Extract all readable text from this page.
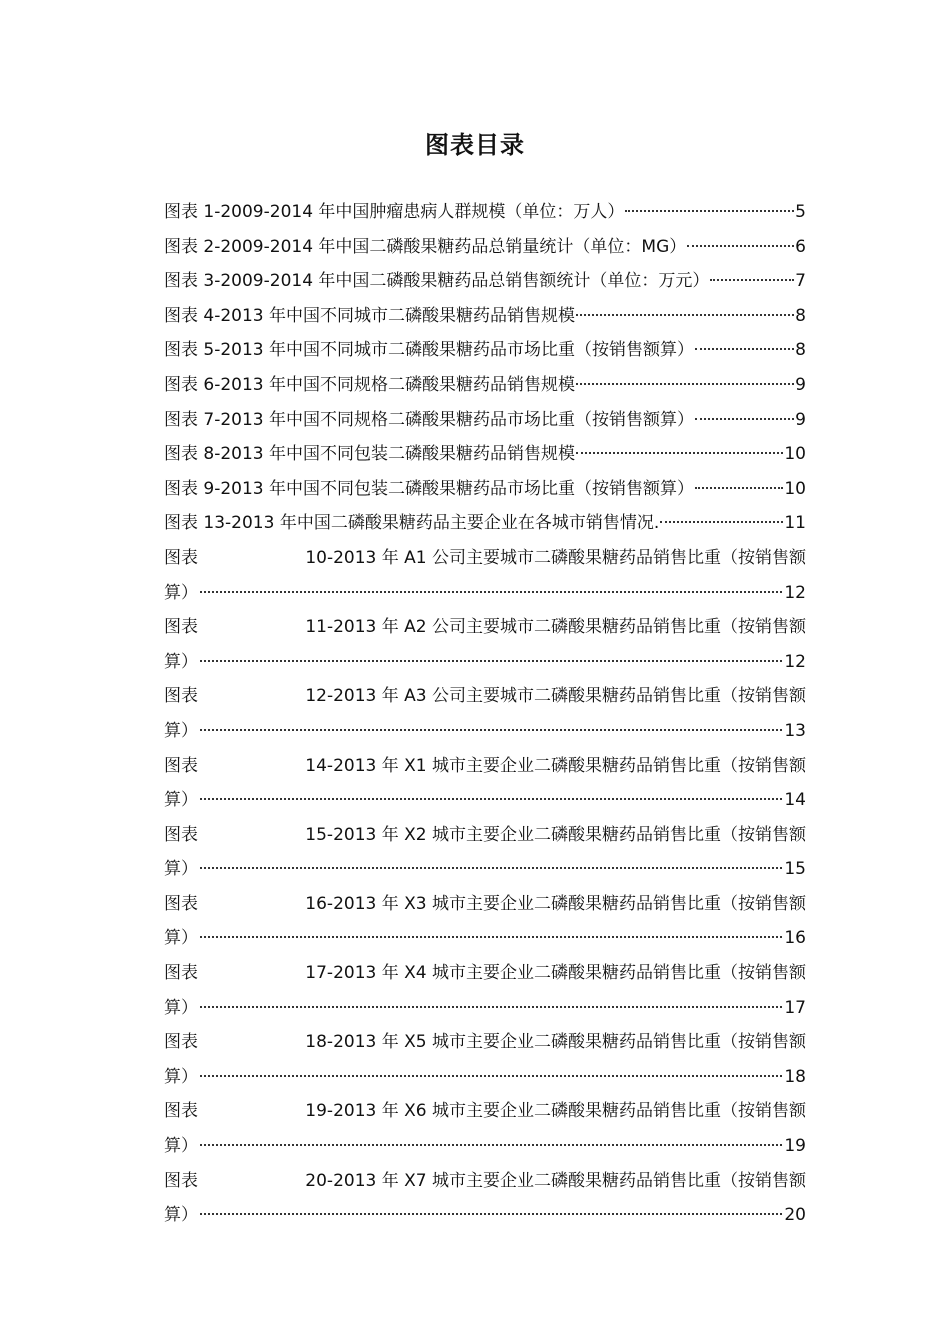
图表目录
图表 1-2009-2014 年中国肿瘤患病人群规模（单位：万人）	5
图表 2-2009-2014 年中国二磷酸果糖药品总销量统计（单位：MG）	6
图表 3-2009-2014 年中国二磷酸果糖药品总销售额统计（单位：万元）	7
图表 4-2013 年中国不同城市二磷酸果糖药品销售规模	8
图表 5-2013 年中国不同城市二磷酸果糖药品市场比重（按销售额算）	8
图表 6-2013 年中国不同规格二磷酸果糖药品销售规模	9
图表 7-2013 年中国不同规格二磷酸果糖药品市场比重（按销售额算）	9
图表 8-2013 年中国不同包装二磷酸果糖药品销售规模	10
图表 9-2013 年中国不同包装二磷酸果糖药品市场比重（按销售额算）	10
图表 13-2013 年中国二磷酸果糖药品主要企业在各城市销售情况.	11
图表	10-2013 年 A1 公司主要城市二磷酸果糖药品销售比重（按销售额
算）	12
图表	11-2013 年 A2 公司主要城市二磷酸果糖药品销售比重（按销售额
算）	12
图表	12-2013 年 A3 公司主要城市二磷酸果糖药品销售比重（按销售额
算）	13
图表	14-2013 年 X1 城市主要企业二磷酸果糖药品销售比重（按销售额
算）	14
图表	15-2013 年 X2 城市主要企业二磷酸果糖药品销售比重（按销售额
算）	15
图表	16-2013 年 X3 城市主要企业二磷酸果糖药品销售比重（按销售额
算）	16
图表	17-2013 年 X4 城市主要企业二磷酸果糖药品销售比重（按销售额
算）	17
图表	18-2013 年 X5 城市主要企业二磷酸果糖药品销售比重（按销售额
算）	18
图表	19-2013 年 X6 城市主要企业二磷酸果糖药品销售比重（按销售额
算）	19
图表	20-2013 年 X7 城市主要企业二磷酸果糖药品销售比重（按销售额
算）	20
